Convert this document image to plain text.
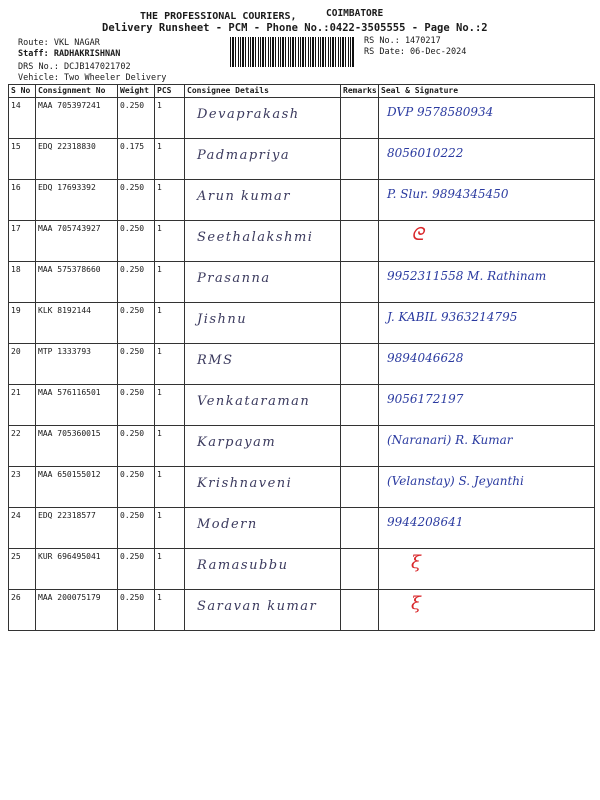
THE PROFESSIONAL COURIERS,	COIMBATORE
Delivery Runsheet - PCM - Phone No.:0422-3505555 - Page No.:2
Route: VKL NAGAR
Staff: RADHAKRISHNAN
DRS No.: DCJB147021702
RS No.: 1470217
RS Date: 06-Dec-2024
Vehicle: Two Wheeler Delivery
S No	Consignment No	Weight	PCS	Consignee Details	Remarks	Seal & Signature
14	MAA 705397241	0.250	1	Devaprakash		DVP 9578580934
15	EDQ 22318830	0.175	1	Padmapriya		8056010222
16	EDQ 17693392	0.250	1	Arun kumar		P. Slur. 9894345450
17	MAA 705743927	0.250	1	Seethalakshmi		ᘓ
18	MAA 575378660	0.250	1	Prasanna		9952311558 M. Rathinam
19	KLK 8192144	0.250	1	Jishnu		J. KABIL 9363214795
20	MTP 1333793	0.250	1	RMS		9894046628
21	MAA 576116501	0.250	1	Venkataraman		9056172197
22	MAA 705360015	0.250	1	Karpayam		(Naranari) R. Kumar
23	MAA 650155012	0.250	1	Krishnaveni		(Velanstay) S. Jeyanthi
24	EDQ 22318577	0.250	1	Modern		9944208641
25	KUR 696495041	0.250	1	Ramasubbu		ξ
26	MAA 200075179	0.250	1	Saravan kumar		ξ
